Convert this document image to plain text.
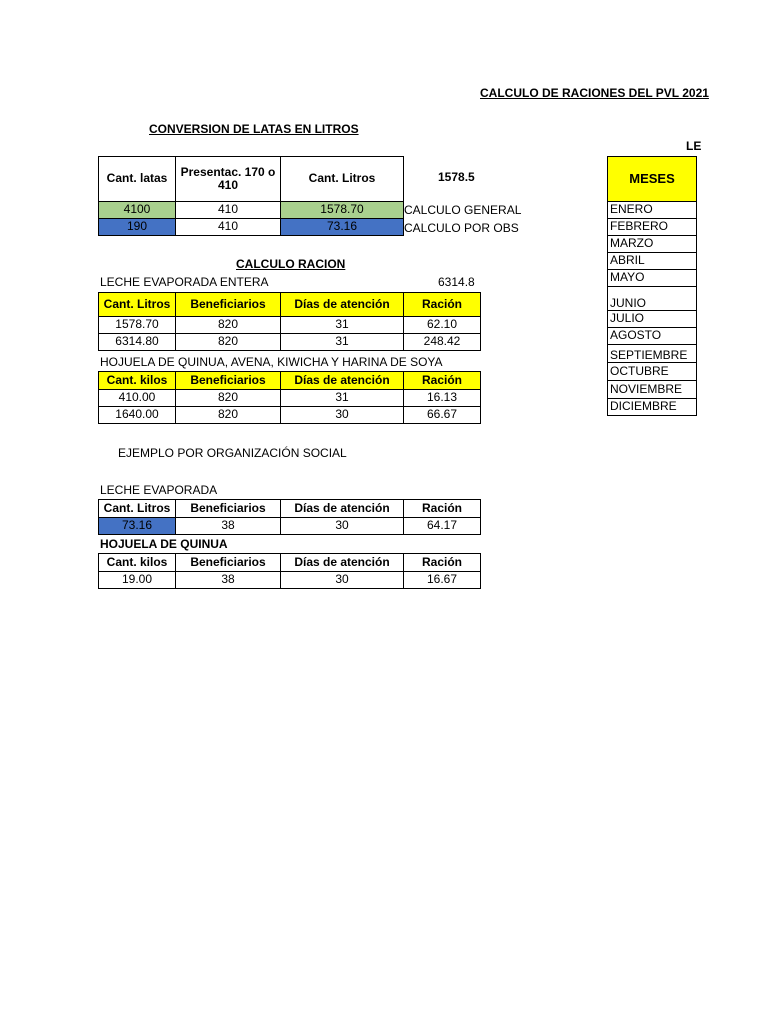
CALCULO DE RACIONES DEL PVL 2021
LE
CONVERSION DE LATAS EN LITROS
Cant. latas	Presentac. 170 o 410	Cant. Litros
4100	410	1578.70
190	410	73.16
1578.5
CALCULO GENERAL
CALCULO POR OBS
CALCULO RACION
LECHE EVAPORADA ENTERA	6314.8
Cant. Litros	Beneficiarios	Días de atención	Ración
1578.70	820	31	62.10
6314.80	820	31	248.42
HOJUELA DE QUINUA, AVENA, KIWICHA Y HARINA DE SOYA
Cant. kilos	Beneficiarios	Días de atención	Ración
410.00	820	31	16.13
1640.00	820	30	66.67
EJEMPLO POR ORGANIZACIÓN SOCIAL
LECHE EVAPORADA
Cant. Litros	Beneficiarios	Días de atención	Ración
73.16	38	30	64.17
HOJUELA DE QUINUA
Cant. kilos	Beneficiarios	Días de atención	Ración
19.00	38	30	16.67
MESES
ENERO
FEBRERO
MARZO
ABRIL
MAYO
JUNIO
JULIO
AGOSTO
SEPTIEMBRE
OCTUBRE
NOVIEMBRE
DICIEMBRE
